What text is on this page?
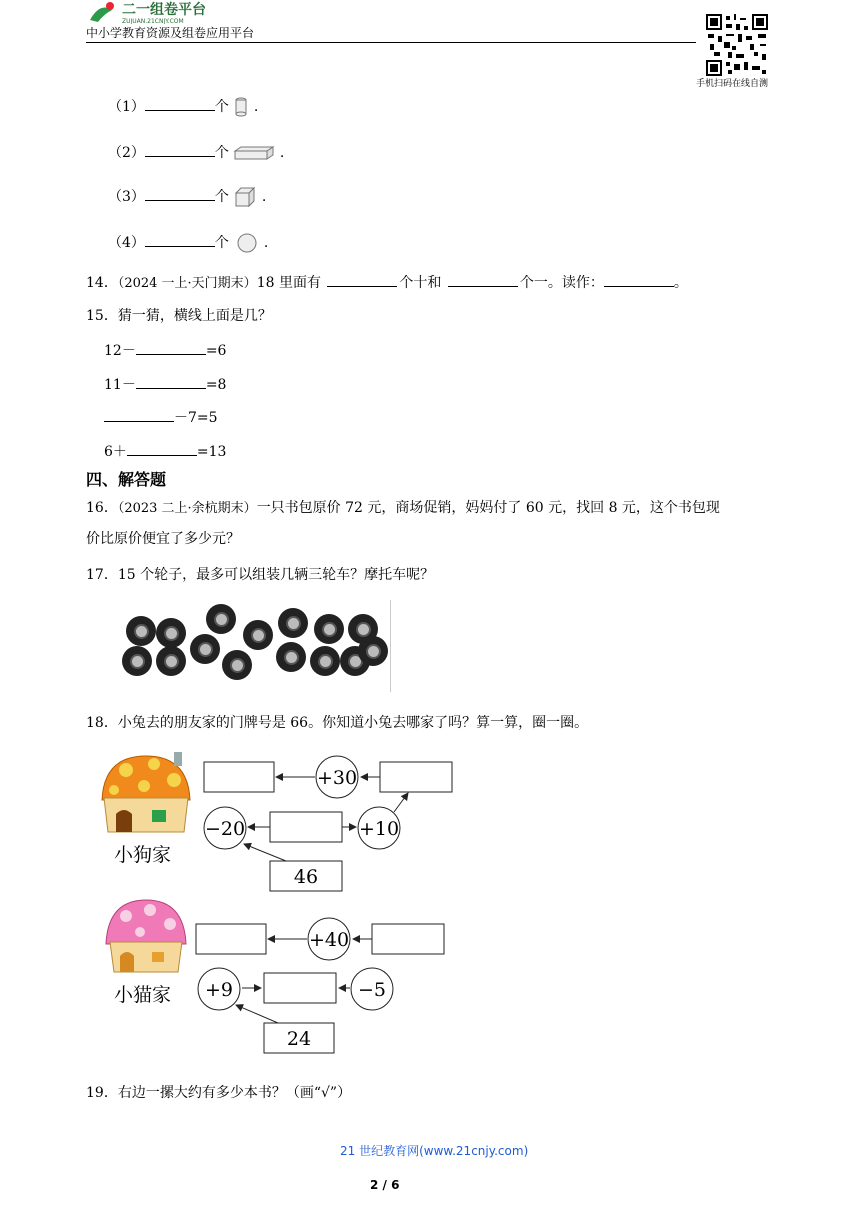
二一组卷平台
ZUJUAN.21CNJY.COM
中小学教育资源及组卷应用平台
手机扫码在线自测
（1）	个 .
（2）	个	.
（3）	个 .
（4）	个 .
14．（2024 一上·天门期末）18 里面有	个十和	个一。读作：	。
15．猜一猜，横线上面是几？
12－	=6
11－	=8
－7=5
6＋	=13
四、解答题
16．（2023 二上·余杭期末）一只书包原价 72 元，商场促销，妈妈付了 60 元，找回 8 元，这个书包现
价比原价便宜了多少元？
17．15 个轮子，最多可以组装几辆三轮车？摩托车呢？
18．小兔去的朋友家的门牌号是 66。你知道小兔去哪家了吗？算一算，圈一圈。
小狗家
+30
−20	+10
46
小猫家
+40
+9	−5
24
19．右边一摞大约有多少本书？（画“√”）
21 世纪教育网(www.21cnjy.com)
2 / 6
